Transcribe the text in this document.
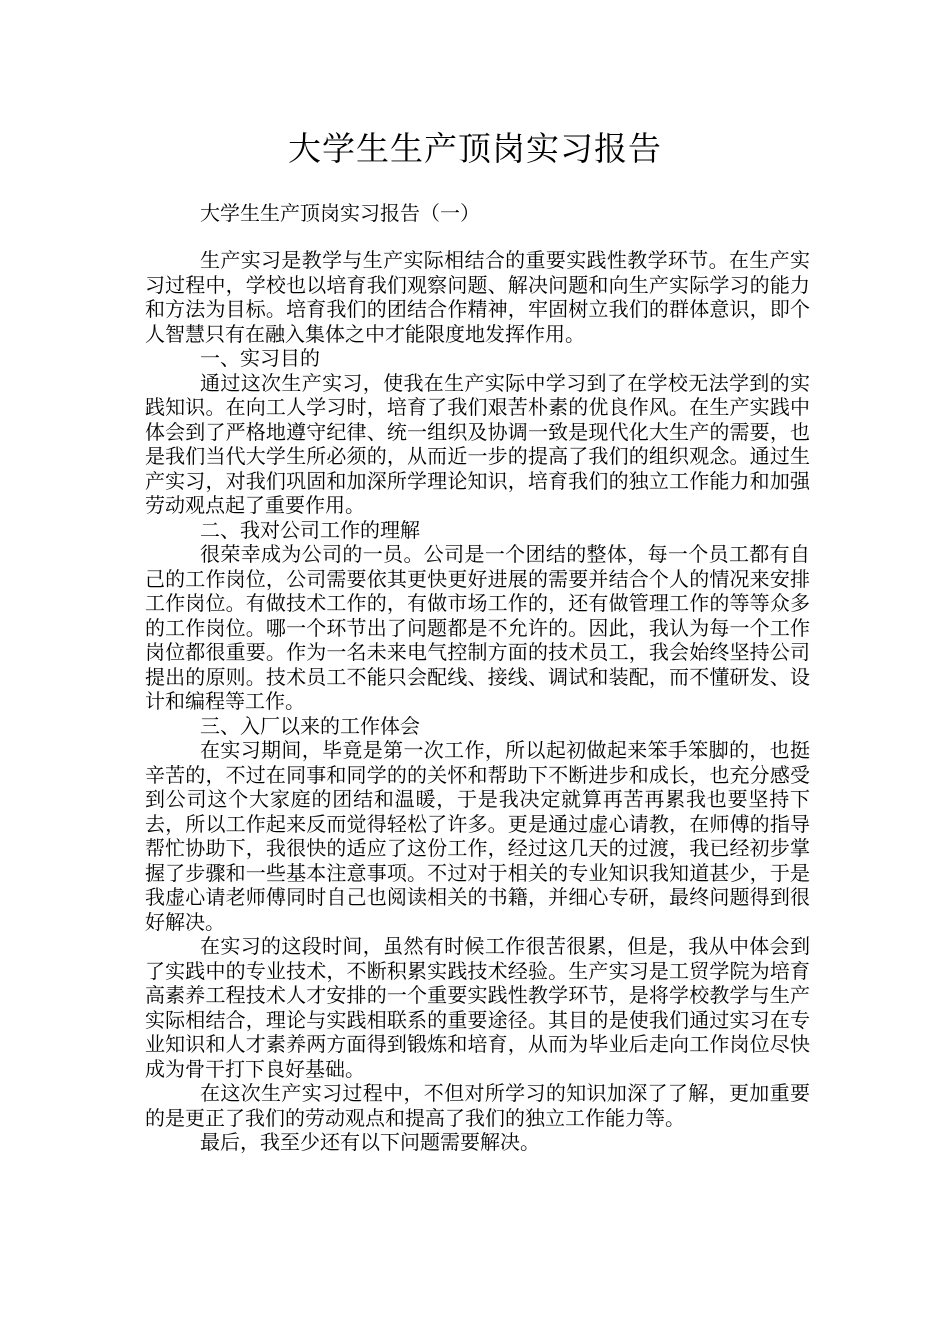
大学生生产顶岗实习报告
大学生生产顶岗实习报告（一）

生产实习是教学与生产实际相结合的重要实践性教学环节。在生产实习过程中，学校也以培育我们观察问题、解决问题和向生产实际学习的能力和方法为目标。培育我们的团结合作精神，牢固树立我们的群体意识，即个人智慧只有在融入集体之中才能限度地发挥作用。

一、实习目的

通过这次生产实习，使我在生产实际中学习到了在学校无法学到的实践知识。在向工人学习时，培育了我们艰苦朴素的优良作风。在生产实践中体会到了严格地遵守纪律、统一组织及协调一致是现代化大生产的需要，也是我们当代大学生所必须的，从而近一步的提高了我们的组织观念。通过生产实习，对我们巩固和加深所学理论知识，培育我们的独立工作能力和加强劳动观点起了重要作用。

二、我对公司工作的理解

很荣幸成为公司的一员。公司是一个团结的整体，每一个员工都有自己的工作岗位，公司需要依其更快更好进展的需要并结合个人的情况来安排工作岗位。有做技术工作的，有做市场工作的，还有做管理工作的等等众多的工作岗位。哪一个环节出了问题都是不允许的。因此，我认为每一个工作岗位都很重要。作为一名未来电气控制方面的技术员工，我会始终坚持公司提出的原则。技术员工不能只会配线、接线、调试和装配，而不懂研发、设计和编程等工作。

三、入厂以来的工作体会

在实习期间，毕竟是第一次工作，所以起初做起来笨手笨脚的，也挺辛苦的，不过在同事和同学的的关怀和帮助下不断进步和成长，也充分感受到公司这个大家庭的团结和温暖，于是我决定就算再苦再累我也要坚持下去，所以工作起来反而觉得轻松了许多。更是通过虚心请教，在师傅的指导帮忙协助下，我很快的适应了这份工作，经过这几天的过渡，我已经初步掌握了步骤和一些基本注意事项。不过对于相关的专业知识我知道甚少，于是我虚心请老师傅同时自己也阅读相关的书籍，并细心专研，最终问题得到很好解决。

在实习的这段时间，虽然有时候工作很苦很累，但是，我从中体会到了实践中的专业技术，不断积累实践技术经验。生产实习是工贸学院为培育高素养工程技术人才安排的一个重要实践性教学环节，是将学校教学与生产实际相结合，理论与实践相联系的重要途径。其目的是使我们通过实习在专业知识和人才素养两方面得到锻炼和培育，从而为毕业后走向工作岗位尽快成为骨干打下良好基础。

在这次生产实习过程中，不但对所学习的知识加深了了解，更加重要的是更正了我们的劳动观点和提高了我们的独立工作能力等。

最后，我至少还有以下问题需要解决。
